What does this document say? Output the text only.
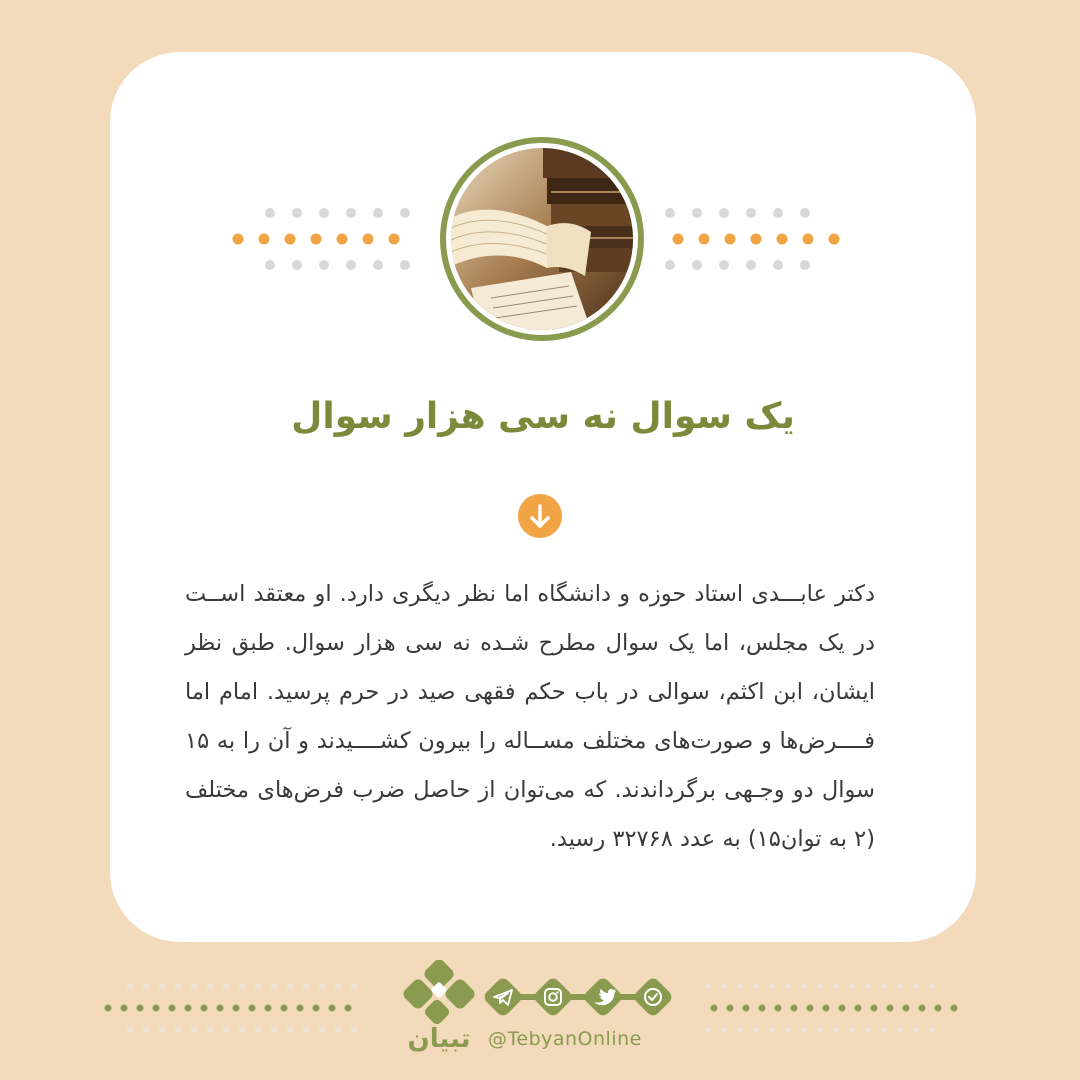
یک سوال نه سی هزار سوال
دکتر عابـــدی استاد حوزه و دانشگاه اما نظر دیگری دارد. او معتقد اســت در یک مجلس، اما یک سوال مطرح شـده نه سی هزار سوال. طبق نظر ایشان، ابن اکثم، سوالی در باب حکم فقهی صید در حرم پرسید. امام اما فــــرض‌ها و صورت‌های مختلف مســاله را بیرون کشــــیدند و آن را به ۱۵ سوال دو وجـهی برگرداندند. که می‌توان از حاصل ضرب فرض‌های مختلف (۲ به توان۱۵) به عدد ۳۲۷۶۸ رسید.
تبیان @TebyanOnline
